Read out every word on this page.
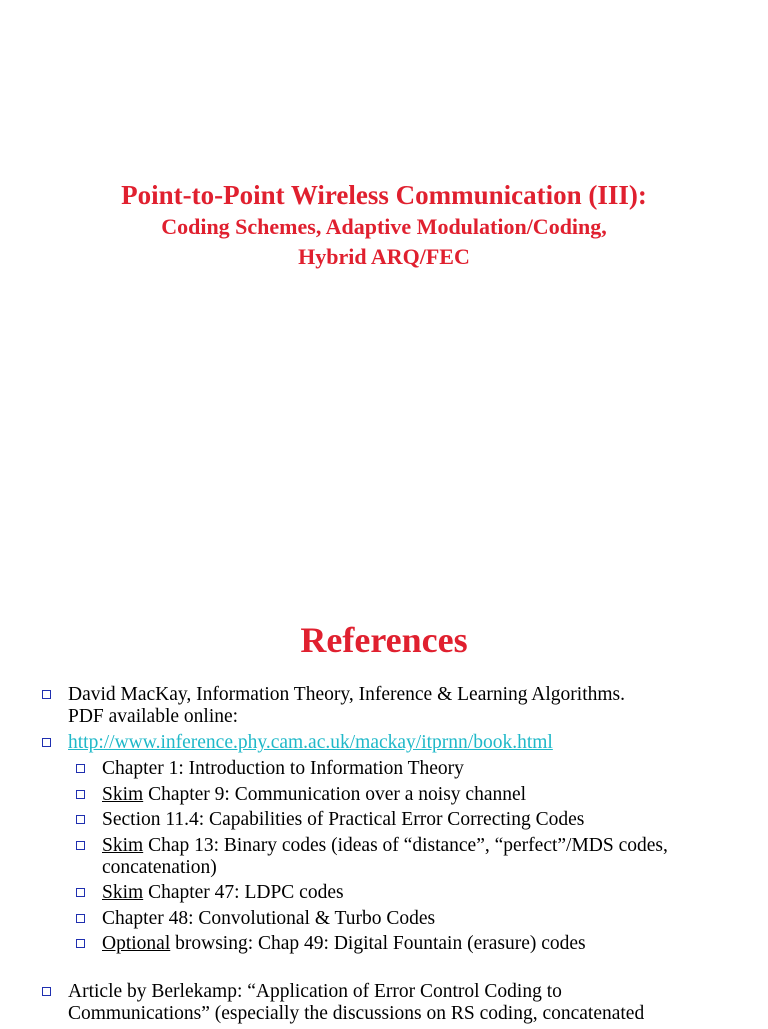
Point-to-Point Wireless Communication (III):
Coding Schemes, Adaptive Modulation/Coding,
Hybrid ARQ/FEC
References
David MacKay, Information Theory, Inference & Learning Algorithms.
PDF available online:
http://www.inference.phy.cam.ac.uk/mackay/itprnn/book.html
Chapter 1: Introduction to Information Theory
Skim Chapter 9: Communication over a noisy channel
Section 11.4: Capabilities of Practical Error Correcting Codes
Skim Chap 13: Binary codes (ideas of “distance”, “perfect”/MDS codes,
concatenation)
Skim Chapter 47: LDPC codes
Chapter 48: Convolutional & Turbo Codes
Optional browsing: Chap 49: Digital Fountain (erasure) codes
Article by Berlekamp: “Application of Error Control Coding to
Communications” (especially the discussions on RS coding, concatenated
